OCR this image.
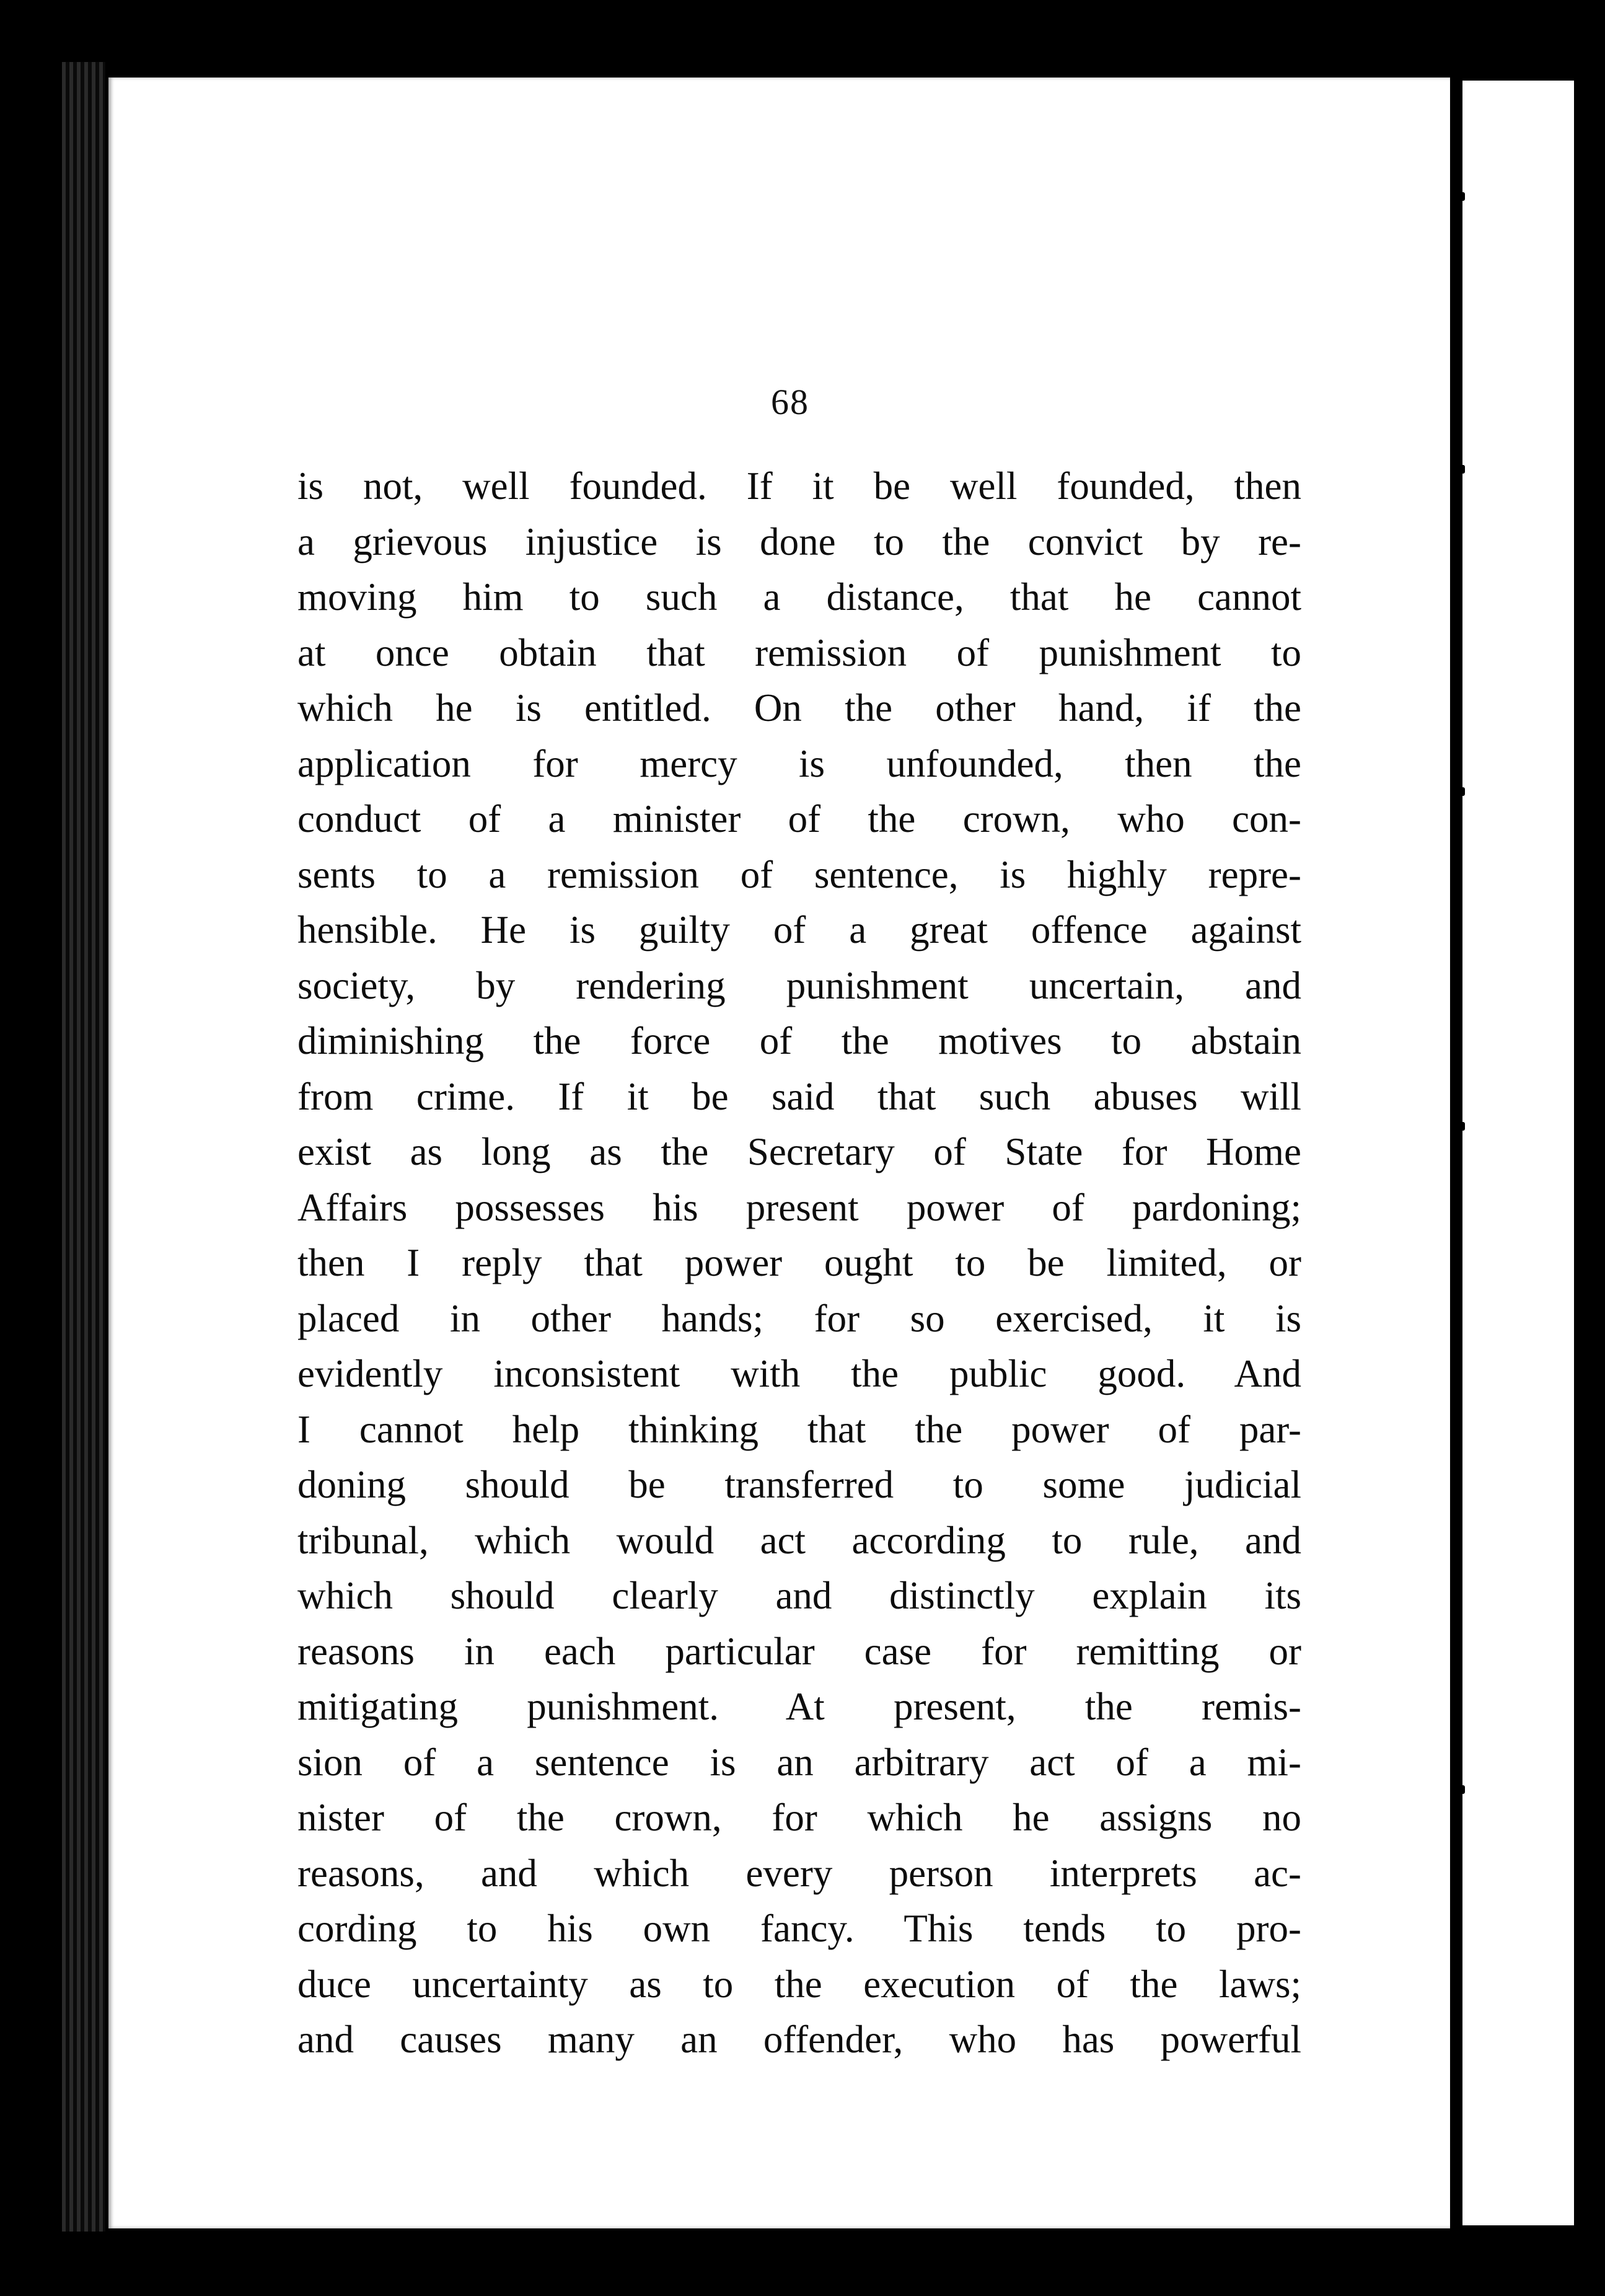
68
is not, well founded. If it be well founded, then
a grievous injustice is done to the convict by re-
moving him to such a distance, that he cannot
at once obtain that remission of punishment to
which he is entitled. On the other hand, if the
application for mercy is unfounded, then the
conduct of a minister of the crown, who con-
sents to a remission of sentence, is highly repre-
hensible. He is guilty of a great offence against
society, by rendering punishment uncertain, and
diminishing the force of the motives to abstain
from crime. If it be said that such abuses will
exist as long as the Secretary of State for Home
Affairs possesses his present power of pardoning;
then I reply that power ought to be limited, or
placed in other hands; for so exercised, it is
evidently inconsistent with the public good. And
I cannot help thinking that the power of par-
doning should be transferred to some judicial
tribunal, which would act according to rule, and
which should clearly and distinctly explain its
reasons in each particular case for remitting or
mitigating punishment. At present, the remis-
sion of a sentence is an arbitrary act of a mi-
nister of the crown, for which he assigns no
reasons, and which every person interprets ac-
cording to his own fancy. This tends to pro-
duce uncertainty as to the execution of the laws;
and causes many an offender, who has powerful
